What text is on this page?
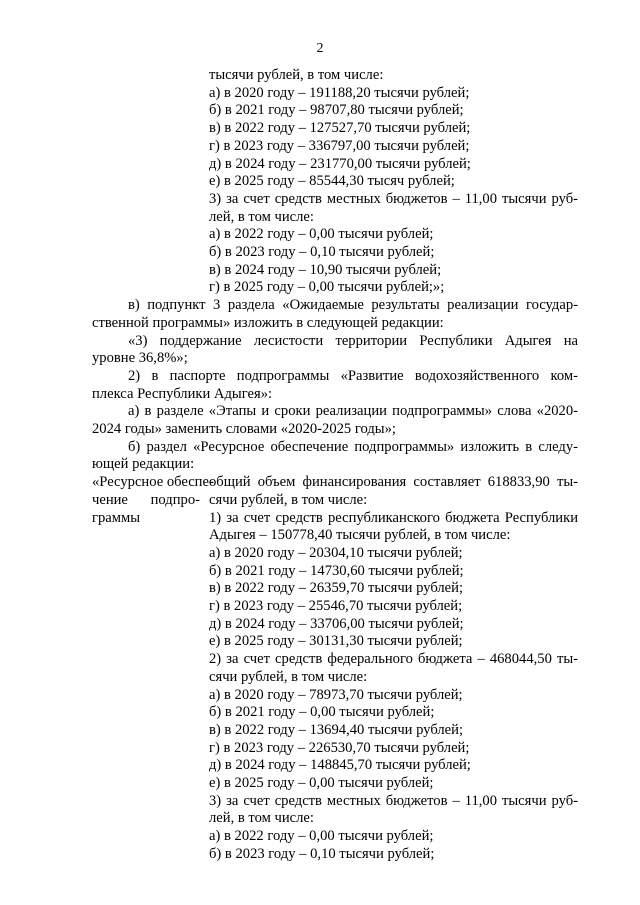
2
тысячи рублей, в том числе:
а) в 2020 году – 191188,20 тысячи рублей;
б) в 2021 году – 98707,80 тысячи рублей;
в) в 2022 году – 127527,70 тысячи рублей;
г) в 2023 году – 336797,00 тысячи рублей;
д) в 2024 году – 231770,00 тысячи рублей;
е) в 2025 году – 85544,30 тысяч рублей;
3) за счет средств местных бюджетов – 11,00 тысячи руб-
лей, в том числе:
а) в 2022 году – 0,00 тысячи рублей;
б) в 2023 году – 0,10 тысячи рублей;
в) в 2024 году – 10,90 тысячи рублей;
г) в 2025 году – 0,00 тысячи рублей;»;
в) подпункт 3 раздела «Ожидаемые результаты реализации государ-
ственной программы» изложить в следующей редакции:
«3) поддержание лесистости территории Республики Адыгея на
уровне 36,8%»;
2) в паспорте подпрограммы «Развитие водохозяйственного ком-
плекса Республики Адыгея»:
а) в разделе «Этапы и сроки реализации подпрограммы» слова «2020-
2024 годы» заменить словами «2020-2025 годы»;
б) раздел «Ресурсное обеспечение подпрограммы» изложить в следу-
ющей редакции:
«Ресурсное обеспе-
чение подпро-
граммы
общий объем финансирования составляет 618833,90 ты-
сячи рублей, в том числе:
1) за счет средств республиканского бюджета Республики
Адыгея – 150778,40 тысячи рублей, в том числе:
а) в 2020 году – 20304,10 тысячи рублей;
б) в 2021 году – 14730,60 тысячи рублей;
в) в 2022 году – 26359,70 тысячи рублей;
г) в 2023 году – 25546,70 тысячи рублей;
д) в 2024 году – 33706,00 тысячи рублей;
е) в 2025 году – 30131,30 тысячи рублей;
2) за счет средств федерального бюджета – 468044,50 ты-
сячи рублей, в том числе:
а) в 2020 году – 78973,70 тысячи рублей;
б) в 2021 году – 0,00 тысячи рублей;
в) в 2022 году – 13694,40 тысячи рублей;
г) в 2023 году – 226530,70 тысячи рублей;
д) в 2024 году – 148845,70 тысячи рублей;
е) в 2025 году – 0,00 тысячи рублей;
3) за счет средств местных бюджетов – 11,00 тысячи руб-
лей, в том числе:
а) в 2022 году – 0,00 тысячи рублей;
б) в 2023 году – 0,10 тысячи рублей;
